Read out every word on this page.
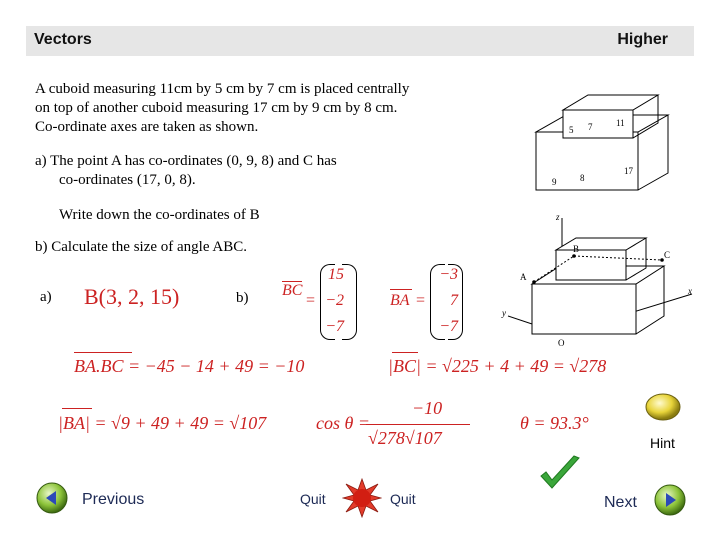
Vectors	Higher
A cuboid measuring 11cm by 5 cm by 7 cm is placed centrally
on top of another cuboid measuring 17 cm by 9 cm by 8 cm.
Co-ordinate axes are taken as shown.
a) The point A has co-ordinates (0, 9, 8) and C has
co-ordinates (17, 0, 8).
Write down the co-ordinates of B
b) Calculate the size of angle ABC.
5 7	11
9	8
17
B
C
A
O
x
y
z
a) B(3, 2, 15)	b) BC
=
15
−2
−7
BA =
−3
7
−7
BA.BC = −45 − 14 + 49 = −10	|BC| = √225 + 4 + 49 = √278
|BA| = √9 + 49 + 49 = √107	cos θ =
−10
√278√107
θ = 93.3°
Hint
Previous	Quit	Quit	Next
